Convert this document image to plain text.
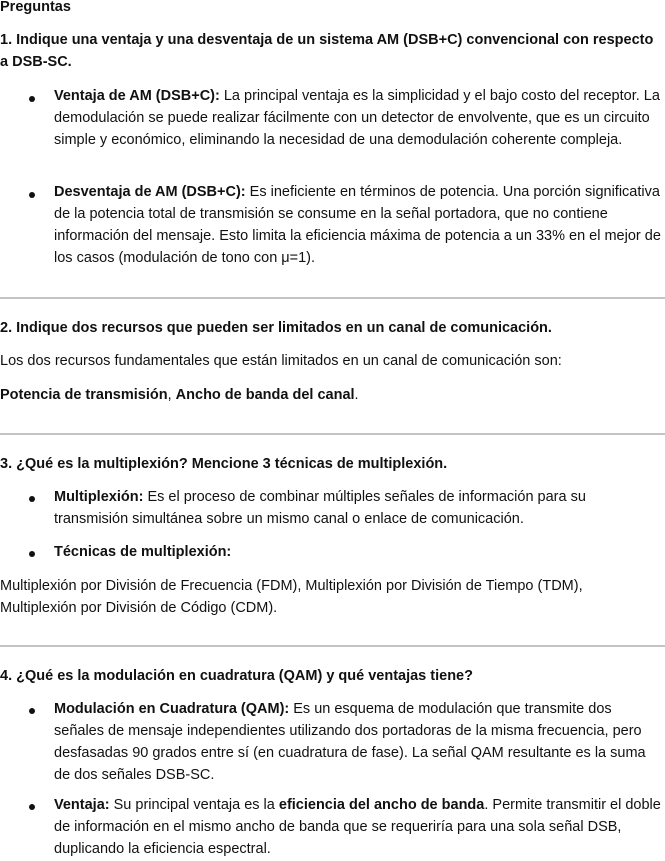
Preguntas
1. Indique una ventaja y una desventaja de un sistema AM (DSB+C) convencional con respecto a DSB-SC.
Ventaja de AM (DSB+C): La principal ventaja es la simplicidad y el bajo costo del receptor. La demodulación se puede realizar fácilmente con un detector de envolvente, que es un circuito simple y económico, eliminando la necesidad de una demodulación coherente compleja.
Desventaja de AM (DSB+C): Es ineficiente en términos de potencia. Una porción significativa de la potencia total de transmisión se consume en la señal portadora, que no contiene información del mensaje. Esto limita la eficiencia máxima de potencia a un 33% en el mejor de los casos (modulación de tono con μ=1).
2. Indique dos recursos que pueden ser limitados en un canal de comunicación.
Los dos recursos fundamentales que están limitados en un canal de comunicación son:
Potencia de transmisión, Ancho de banda del canal.
3. ¿Qué es la multiplexión? Mencione 3 técnicas de multiplexión.
Multiplexión: Es el proceso de combinar múltiples señales de información para su transmisión simultánea sobre un mismo canal o enlace de comunicación.
Técnicas de multiplexión:
Multiplexión por División de Frecuencia (FDM), Multiplexión por División de Tiempo (TDM), Multiplexión por División de Código (CDM).
4. ¿Qué es la modulación en cuadratura (QAM) y qué ventajas tiene?
Modulación en Cuadratura (QAM): Es un esquema de modulación que transmite dos señales de mensaje independientes utilizando dos portadoras de la misma frecuencia, pero desfasadas 90 grados entre sí (en cuadratura de fase). La señal QAM resultante es la suma de dos señales DSB-SC.
Ventaja: Su principal ventaja es la eficiencia del ancho de banda. Permite transmitir el doble de información en el mismo ancho de banda que se requeriría para una sola señal DSB, duplicando la eficiencia espectral.
